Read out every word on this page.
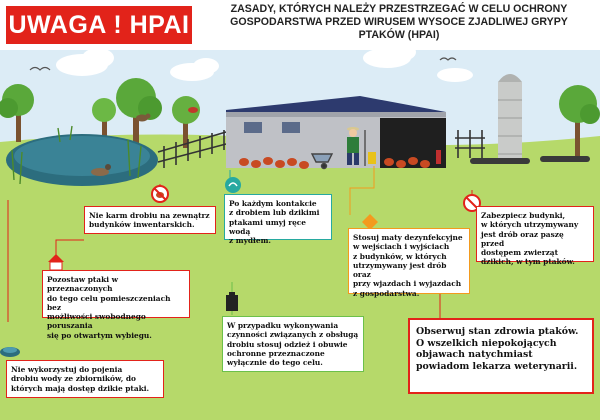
UWAGA ! HPAI
ZASADY, KTÓRYCH NALEŻY PRZESTRZEGAĆ W CELU OCHRONY
GOSPODARSTWA PRZED WIRUSEM WYSOCE ZJADLIWEJ GRYPY
PTAKÓW (HPAI)
Nie karm drobiu na zewnątrz
budynków inwentarskich.
Pozostaw ptaki w przeznaczonych
do tego celu pomieszczeniach bez
możliwości swobodnego poruszania
się po otwartym wybiegu.
Nie wykorzystuj do pojenia
drobiu wody ze zbiorników, do
których mają dostęp dzikie ptaki.
Po każdym kontakcie
z drobiem lub dzikimi
ptakami umyj ręce wodą
z mydłem.
W przypadku wykonywania
czynności związanych z obsługą
drobiu stosuj odzież i obuwie
ochronne przeznaczone
wyłącznie do tego celu.
Stosuj maty dezynfekcyjne
w wejściach i wyjściach
z budynków, w których
utrzymywany jest drób oraz
przy wjazdach i wyjazdach
z gospodarstwa.
Zabezpiecz budynki,
w których utrzymywany
jest drób oraz paszę przed
dostępem zwierząt
dzikich, w tym ptaków.
Obserwuj stan zdrowia ptaków.
O wszelkich niepokojących
objawach natychmiast
powiadom lekarza weterynarii.
